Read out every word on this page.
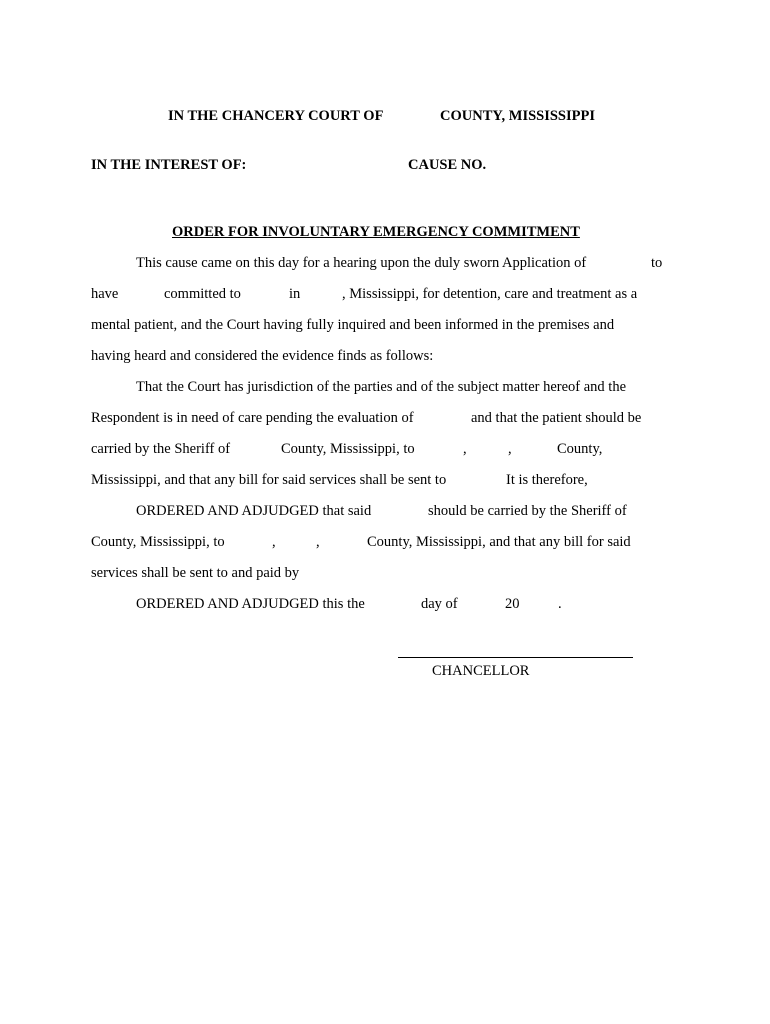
IN THE CHANCERY COURT OF	COUNTY, MISSISSIPPI
IN THE INTEREST OF:	CAUSE NO.
ORDER FOR INVOLUNTARY EMERGENCY COMMITMENT
This cause came on this day for a hearing upon the duly sworn Application of	to
have	committed to	in	, Mississippi, for detention, care and treatment as a
mental patient, and the Court having fully inquired and been informed in the premises and
having heard and considered the evidence finds as follows:
That the Court has jurisdiction of the parties and of the subject matter hereof and the
Respondent is in need of care pending the evaluation of	and that the patient should be
carried by the Sheriff of	County, Mississippi, to	,	,	County,
Mississippi, and that any bill for said services shall be sent to	It is therefore,
ORDERED AND ADJUDGED that said	should be carried by the Sheriff of
County, Mississippi, to	,	,	County, Mississippi, and that any bill for said
services shall be sent to and paid by
ORDERED AND ADJUDGED this the	day of	20	.
CHANCELLOR
